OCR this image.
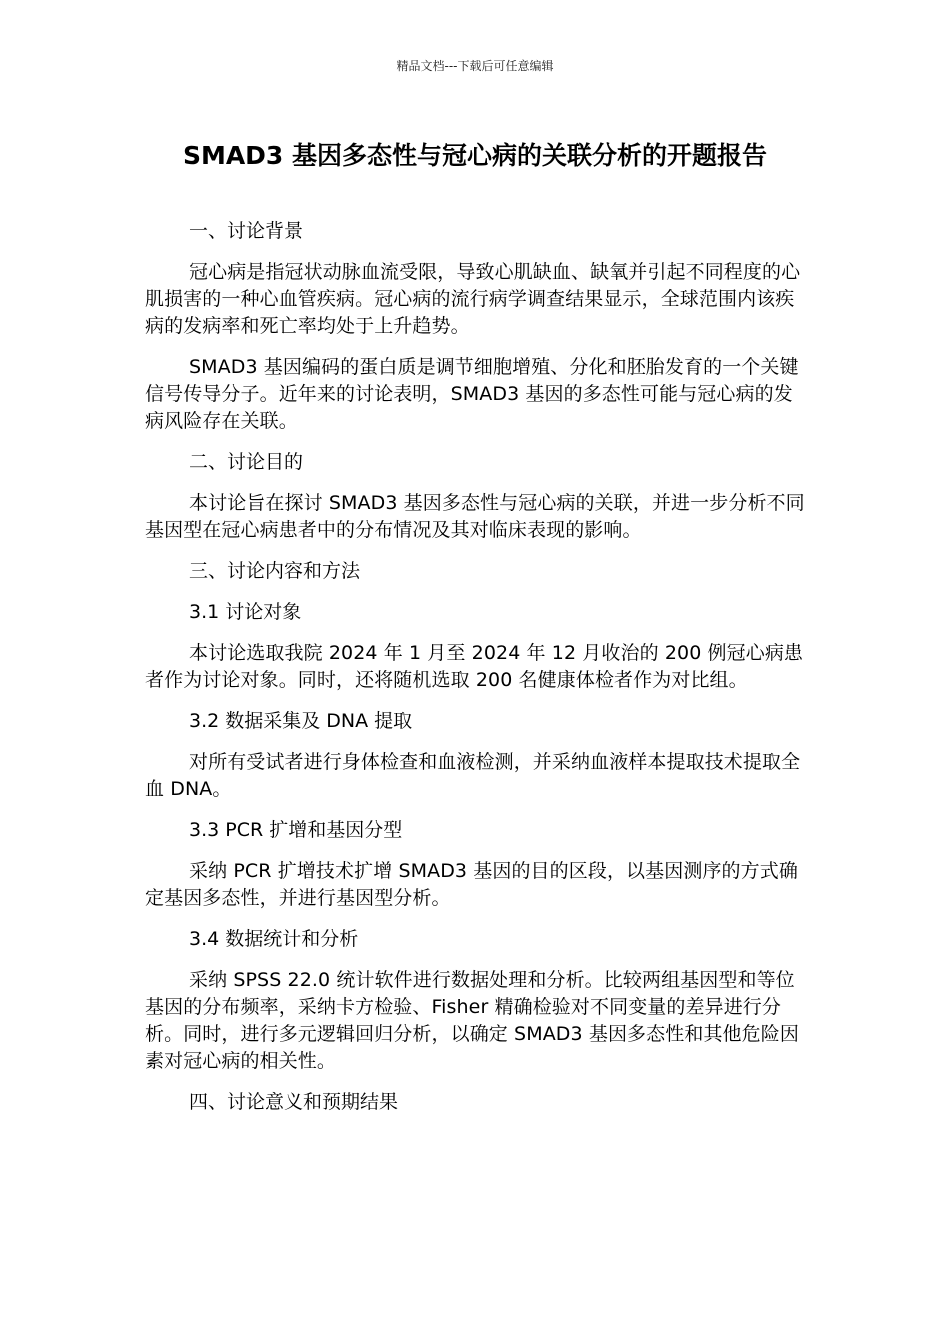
精品文档---下载后可任意编辑
SMAD3 基因多态性与冠心病的关联分析的开题报告

一、讨论背景

冠心病是指冠状动脉血流受限，导致心肌缺血、缺氧并引起不同程度的心肌损害的一种心血管疾病。冠心病的流行病学调查结果显示，全球范围内该疾病的发病率和死亡率均处于上升趋势。

SMAD3 基因编码的蛋白质是调节细胞增殖、分化和胚胎发育的一个关键信号传导分子。近年来的讨论表明，SMAD3 基因的多态性可能与冠心病的发病风险存在关联。

二、讨论目的

本讨论旨在探讨 SMAD3 基因多态性与冠心病的关联，并进一步分析不同基因型在冠心病患者中的分布情况及其对临床表现的影响。

三、讨论内容和方法

3.1 讨论对象

本讨论选取我院 2024 年 1 月至 2024 年 12 月收治的 200 例冠心病患者作为讨论对象。同时，还将随机选取 200 名健康体检者作为对比组。

3.2 数据采集及 DNA 提取

对所有受试者进行身体检查和血液检测，并采纳血液样本提取技术提取全血 DNA。

3.3 PCR 扩增和基因分型

采纳 PCR 扩增技术扩增 SMAD3 基因的目的区段，以基因测序的方式确定基因多态性，并进行基因型分析。

3.4 数据统计和分析

采纳 SPSS 22.0 统计软件进行数据处理和分析。比较两组基因型和等位基因的分布频率，采纳卡方检验、Fisher 精确检验对不同变量的差异进行分析。同时，进行多元逻辑回归分析，以确定 SMAD3 基因多态性和其他危险因素对冠心病的相关性。

四、讨论意义和预期结果
